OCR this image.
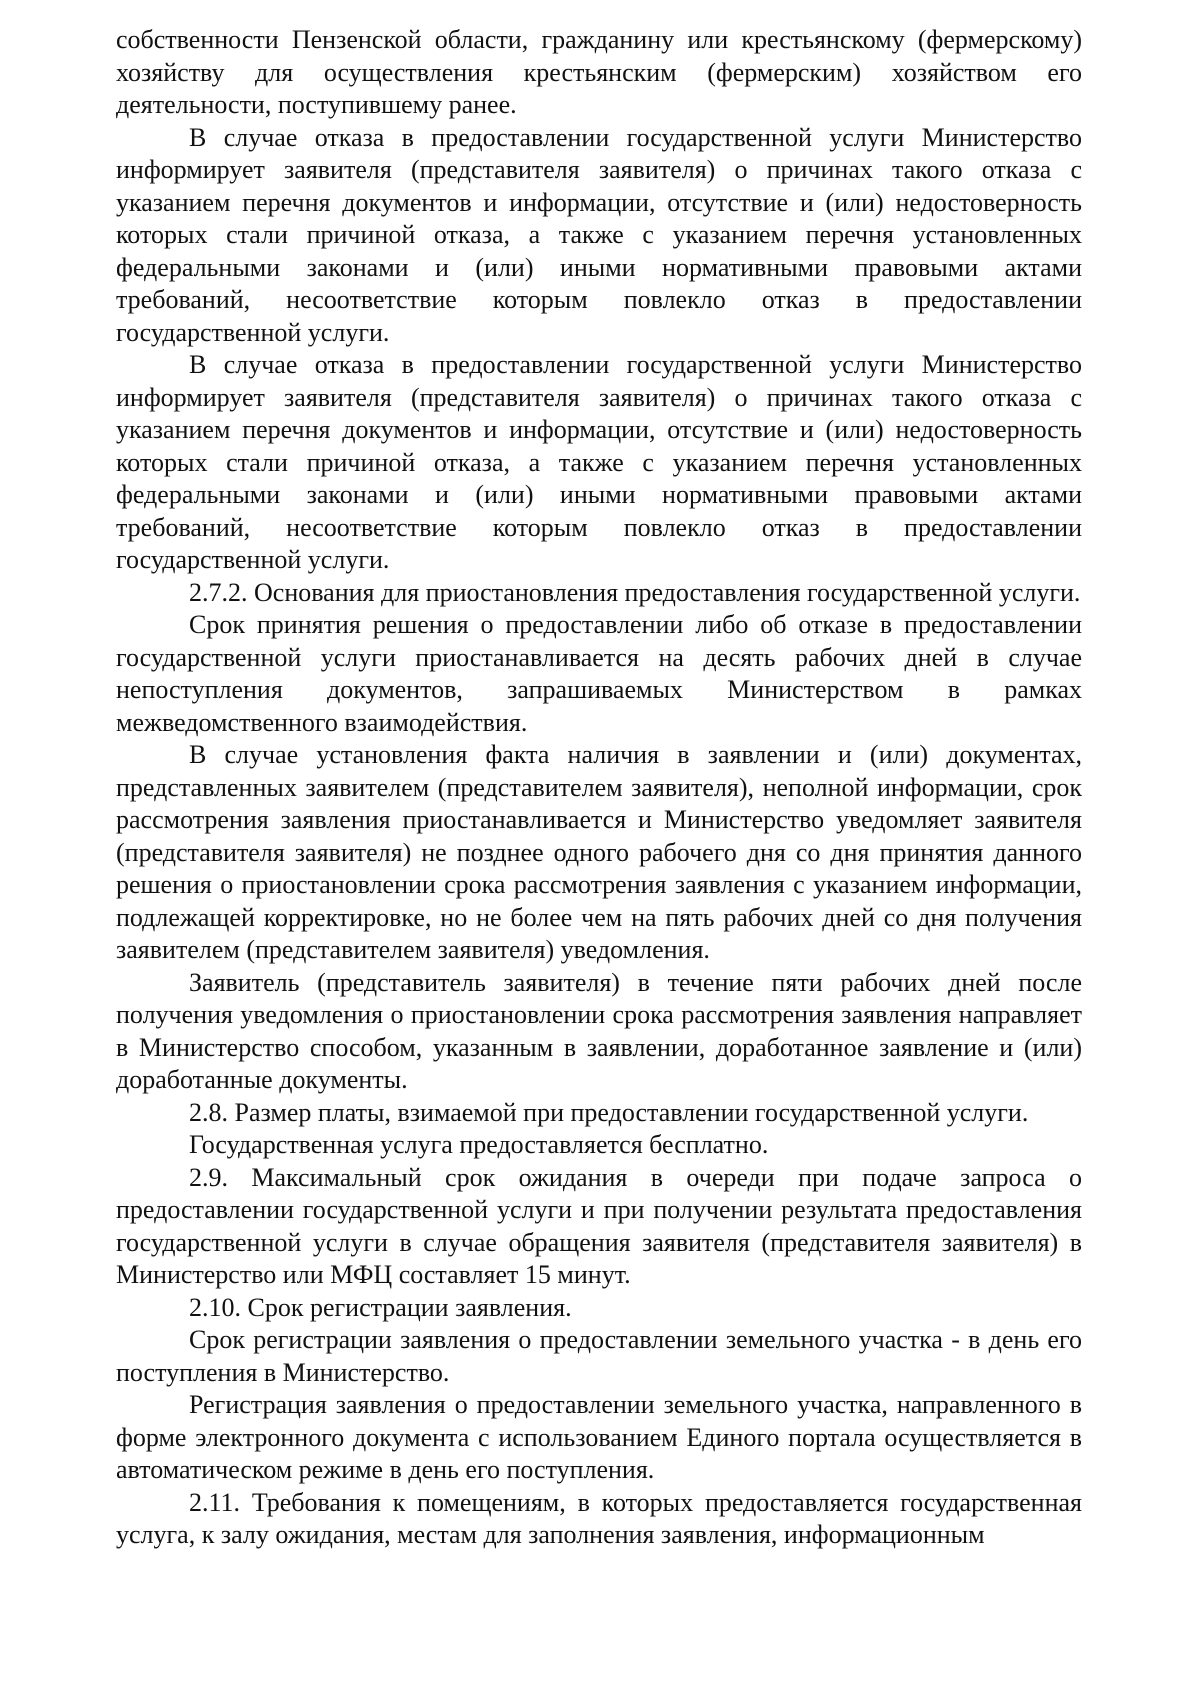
собственности Пензенской области, гражданину или крестьянскому (фермерскому) хозяйству для осуществления крестьянским (фермерским) хозяйством его деятельности, поступившему ранее.

В случае отказа в предоставлении государственной услуги Министерство информирует заявителя (представителя заявителя) о причинах такого отказа с указанием перечня документов и информации, отсутствие и (или) недостоверность которых стали причиной отказа, а также с указанием перечня установленных федеральными законами и (или) иными нормативными правовыми актами требований, несоответствие которым повлекло отказ в предоставлении государственной услуги.

В случае отказа в предоставлении государственной услуги Министерство информирует заявителя (представителя заявителя) о причинах такого отказа с указанием перечня документов и информации, отсутствие и (или) недостоверность которых стали причиной отказа, а также с указанием перечня установленных федеральными законами и (или) иными нормативными правовыми актами требований, несоответствие которым повлекло отказ в предоставлении государственной услуги.

2.7.2. Основания для приостановления предоставления государственной услуги.

Срок принятия решения о предоставлении либо об отказе в предоставлении государственной услуги приостанавливается на десять рабочих дней в случае непоступления документов, запрашиваемых Министерством в рамках межведомственного взаимодействия.

В случае установления факта наличия в заявлении и (или) документах, представленных заявителем (представителем заявителя), неполной информации, срок рассмотрения заявления приостанавливается и Министерство уведомляет заявителя (представителя заявителя) не позднее одного рабочего дня со дня принятия данного решения о приостановлении срока рассмотрения заявления с указанием информации, подлежащей корректировке, но не более чем на пять рабочих дней со дня получения заявителем (представителем заявителя) уведомления.

Заявитель (представитель заявителя) в течение пяти рабочих дней после получения уведомления о приостановлении срока рассмотрения заявления направляет в Министерство способом, указанным в заявлении, доработанное заявление и (или) доработанные документы.

2.8. Размер платы, взимаемой при предоставлении государственной услуги.

Государственная услуга предоставляется бесплатно.

2.9. Максимальный срок ожидания в очереди при подаче запроса о предоставлении государственной услуги и при получении результата предоставления государственной услуги в случае обращения заявителя (представителя заявителя) в Министерство или МФЦ составляет 15 минут.

2.10. Срок регистрации заявления.

Срок регистрации заявления о предоставлении земельного участка - в день его поступления в Министерство.

Регистрация заявления о предоставлении земельного участка, направленного в форме электронного документа с использованием Единого портала осуществляется в автоматическом режиме в день его поступления.

2.11. Требования к помещениям, в которых предоставляется государственная услуга, к залу ожидания, местам для заполнения заявления, информационным
